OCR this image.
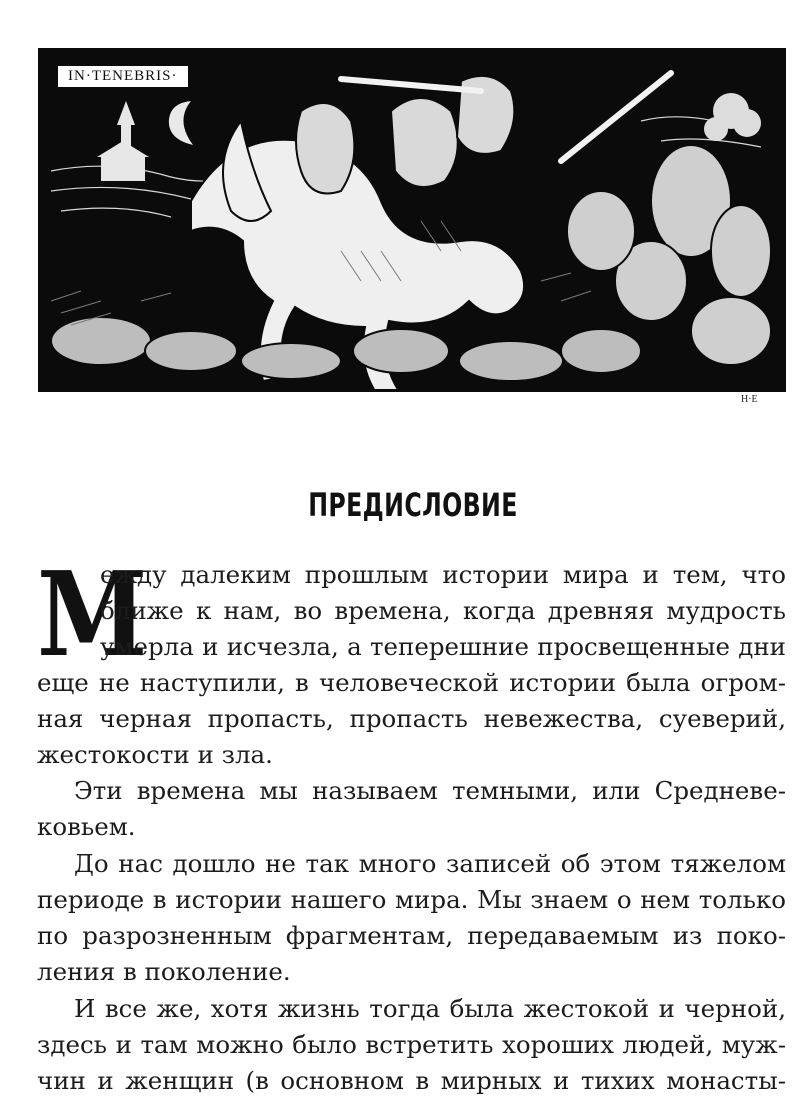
IN·TENEBRIS·
Н·Е
ПРЕДИСЛОВИЕ
М
ежду далеким прошлым истории мира и тем, что
ближе к нам, во времена, когда древняя мудрость
умерла и исчезла, а теперешние просвещенные дни
еще не наступили, в человеческой истории была огром-
ная черная пропасть, пропасть невежества, суеверий,
жестокости и зла.
Эти времена мы называем темными, или Средневе-
ковьем.
До нас дошло не так много записей об этом тяжелом
периоде в истории нашего мира. Мы знаем о нем только
по разрозненным фрагментам, передаваемым из поко-
ления в поколение.
И все же, хотя жизнь тогда была жестокой и черной,
здесь и там можно было встретить хороших людей, муж-
чин и женщин (в основном в мирных и тихих монасты-
